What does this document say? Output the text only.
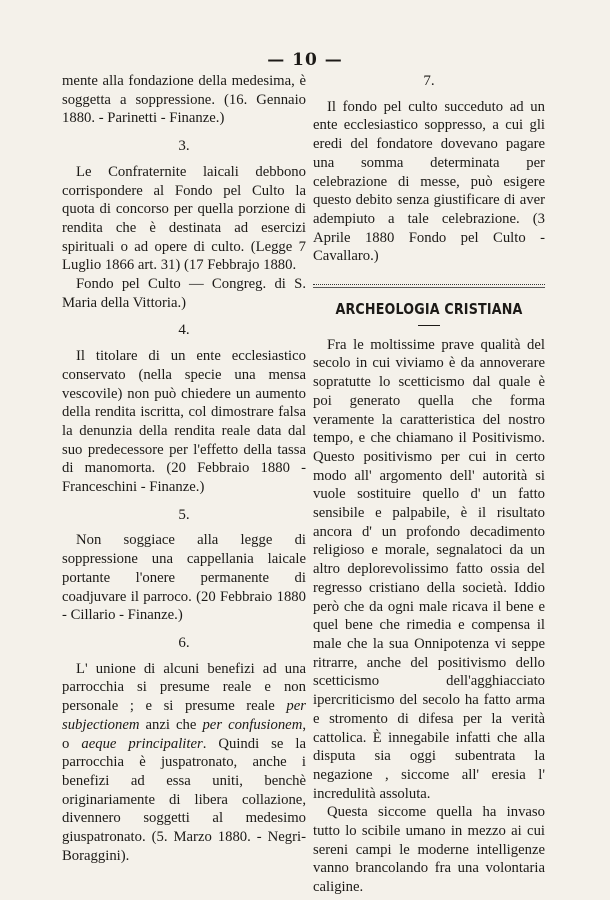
— 10 —

mente alla fondazione della medesima, è soggetta a soppressione. (16. Gennaio 1880. - Parinetti - Finanze.)

3.

Le Confraternite laicali debbono corrispondere al Fondo pel Culto la quota di concorso per quella porzione di rendita che è destinata ad esercizi spirituali o ad opere di culto. (Legge 7 Luglio 1866 art. 31) (17 Febbrajo 1880.

Fondo pel Culto — Congreg. di S. Maria della Vittoria.)

4.

Il titolare di un ente ecclesiastico conservato (nella specie una mensa vescovile) non può chiedere un aumento della rendita iscritta, col dimostrare falsa la denunzia della rendita reale data dal suo predecessore per l'effetto della tassa di manomorta. (20 Febbraio 1880 - Franceschini - Finanze.)

5.

Non soggiace alla legge di soppressione una cappellania laicale portante l'onere permanente di coadjuvare il parroco. (20 Febbraio 1880 - Cillario - Finanze.)

6.

L' unione di alcuni benefizi ad una parrocchia si presume reale e non personale ; e si presume reale per subjectionem anzi che per confusionem, o aeque principaliter. Quindi se la parrocchia è juspatronato, anche i benefizi ad essa uniti, benchè originariamente di libera collazione, divennero soggetti al medesimo giuspatronato. (5. Marzo 1880. - Negri-Boraggini).

7.

Il fondo pel culto succeduto ad un ente ecclesiastico soppresso, a cui gli eredi del fondatore dovevano pagare una somma determinata per celebrazione di messe, può esigere questo debito senza giustificare di aver adempiuto a tale celebrazione. (3 Aprile 1880 Fondo pel Culto - Cavallaro.)

ARCHEOLOGIA CRISTIANA

Fra le moltissime prave qualità del secolo in cui viviamo è da annoverare sopratutte lo scetticismo dal quale è poi generato quella che forma veramente la caratteristica del nostro tempo, e che chiamano il Positivismo. Questo positivismo per cui in certo modo all' argomento dell' autorità si vuole sostituire quello d' un fatto sensibile e palpabile, è il risultato ancora d' un profondo decadimento religioso e morale, segnalatoci da un altro deplorevolissimo fatto ossia del regresso cristiano della società. Iddio però che da ogni male ricava il bene e quel bene che rimedia e compensa il male che la sua Onnipotenza vi seppe ritrarre, anche del positivismo dello scetticismo dell'agghiacciato ipercriticismo del secolo ha fatto arma e stromento di difesa per la verità cattolica. È innegabile infatti che alla disputa sia oggi subentrata la negazione , siccome all' eresia l' incredulità assoluta.

Questa siccome quella ha invaso tutto lo scibile umano in mezzo ai cui sereni campi le moderne intelligenze vanno brancolando fra una volontaria caligine.
